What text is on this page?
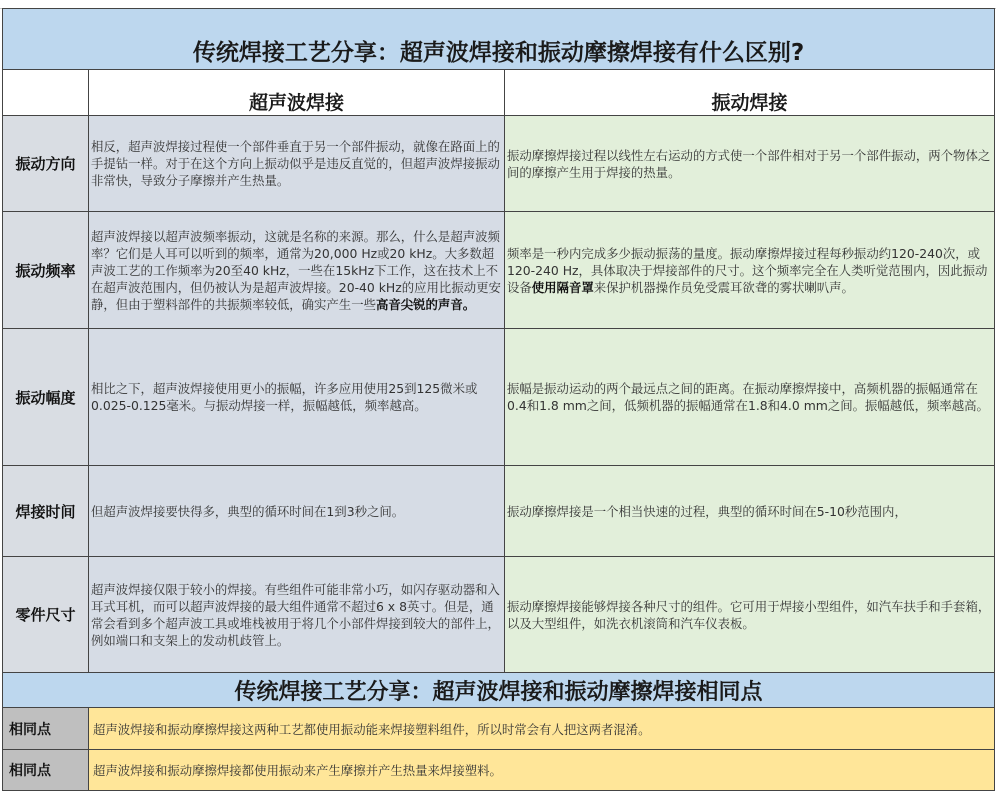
传统焊接工艺分享：超声波焊接和振动摩擦焊接有什么区别?		
	超声波焊接	振动焊接
振动方向	相反，超声波焊接过程使一个部件垂直于另一个部件振动，就像在路面上的手提钻一样。对于在这个方向上振动似乎是违反直觉的，但超声波焊接振动非常快，导致分子摩擦并产生热量。	振动摩擦焊接过程以线性左右运动的方式使一个部件相对于另一个部件振动，两个物体之间的摩擦产生用于焊接的热量。
振动频率	超声波焊接以超声波频率振动，这就是名称的来源。那么，什么是超声波频率？它们是人耳可以听到的频率，通常为20,000 Hz或20 kHz。大多数超声波工艺的工作频率为20至40 kHz，一些在15kHz下工作，这在技术上不在超声波范围内，但仍被认为是超声波焊接。20-40 kHz的应用比振动更安静，但由于塑料部件的共振频率较低，确实产生一些高音尖锐的声音。	频率是一秒内完成多少振动振荡的量度。振动摩擦焊接过程每秒振动约120-240次，或120-240 Hz，具体取决于焊接部件的尺寸。这个频率完全在人类听觉范围内，因此振动设备使用隔音罩来保护机器操作员免受震耳欲聋的雾状喇叭声。
振动幅度	相比之下，超声波焊接使用更小的振幅，许多应用使用25到125微米或0.025-0.125毫米。与振动焊接一样，振幅越低，频率越高。	振幅是振动运动的两个最远点之间的距离。在振动摩擦焊接中，高频机器的振幅通常在0.4和1.8 mm之间，低频机器的振幅通常在1.8和4.0 mm之间。振幅越低，频率越高。
焊接时间	但超声波焊接要快得多，典型的循环时间在1到3秒之间。	振动摩擦焊接是一个相当快速的过程，典型的循环时间在5-10秒范围内，
零件尺寸	超声波焊接仅限于较小的焊接。有些组件可能非常小巧，如闪存驱动器和入耳式耳机，而可以超声波焊接的最大组件通常不超过6 x 8英寸。但是，通常会看到多个超声波工具或堆栈被用于将几个小部件焊接到较大的部件上，例如端口和支架上的发动机歧管上。	振动摩擦焊接能够焊接各种尺寸的组件。它可用于焊接小型组件，如汽车扶手和手套箱，以及大型组件，如洗衣机滚筒和汽车仪表板。
传统焊接工艺分享：超声波焊接和振动摩擦焊接相同点		
相同点	超声波焊接和振动摩擦焊接这两种工艺都使用振动能来焊接塑料组件，所以时常会有人把这两者混淆。	
相同点	超声波焊接和振动摩擦焊接都使用振动来产生摩擦并产生热量来焊接塑料。	
